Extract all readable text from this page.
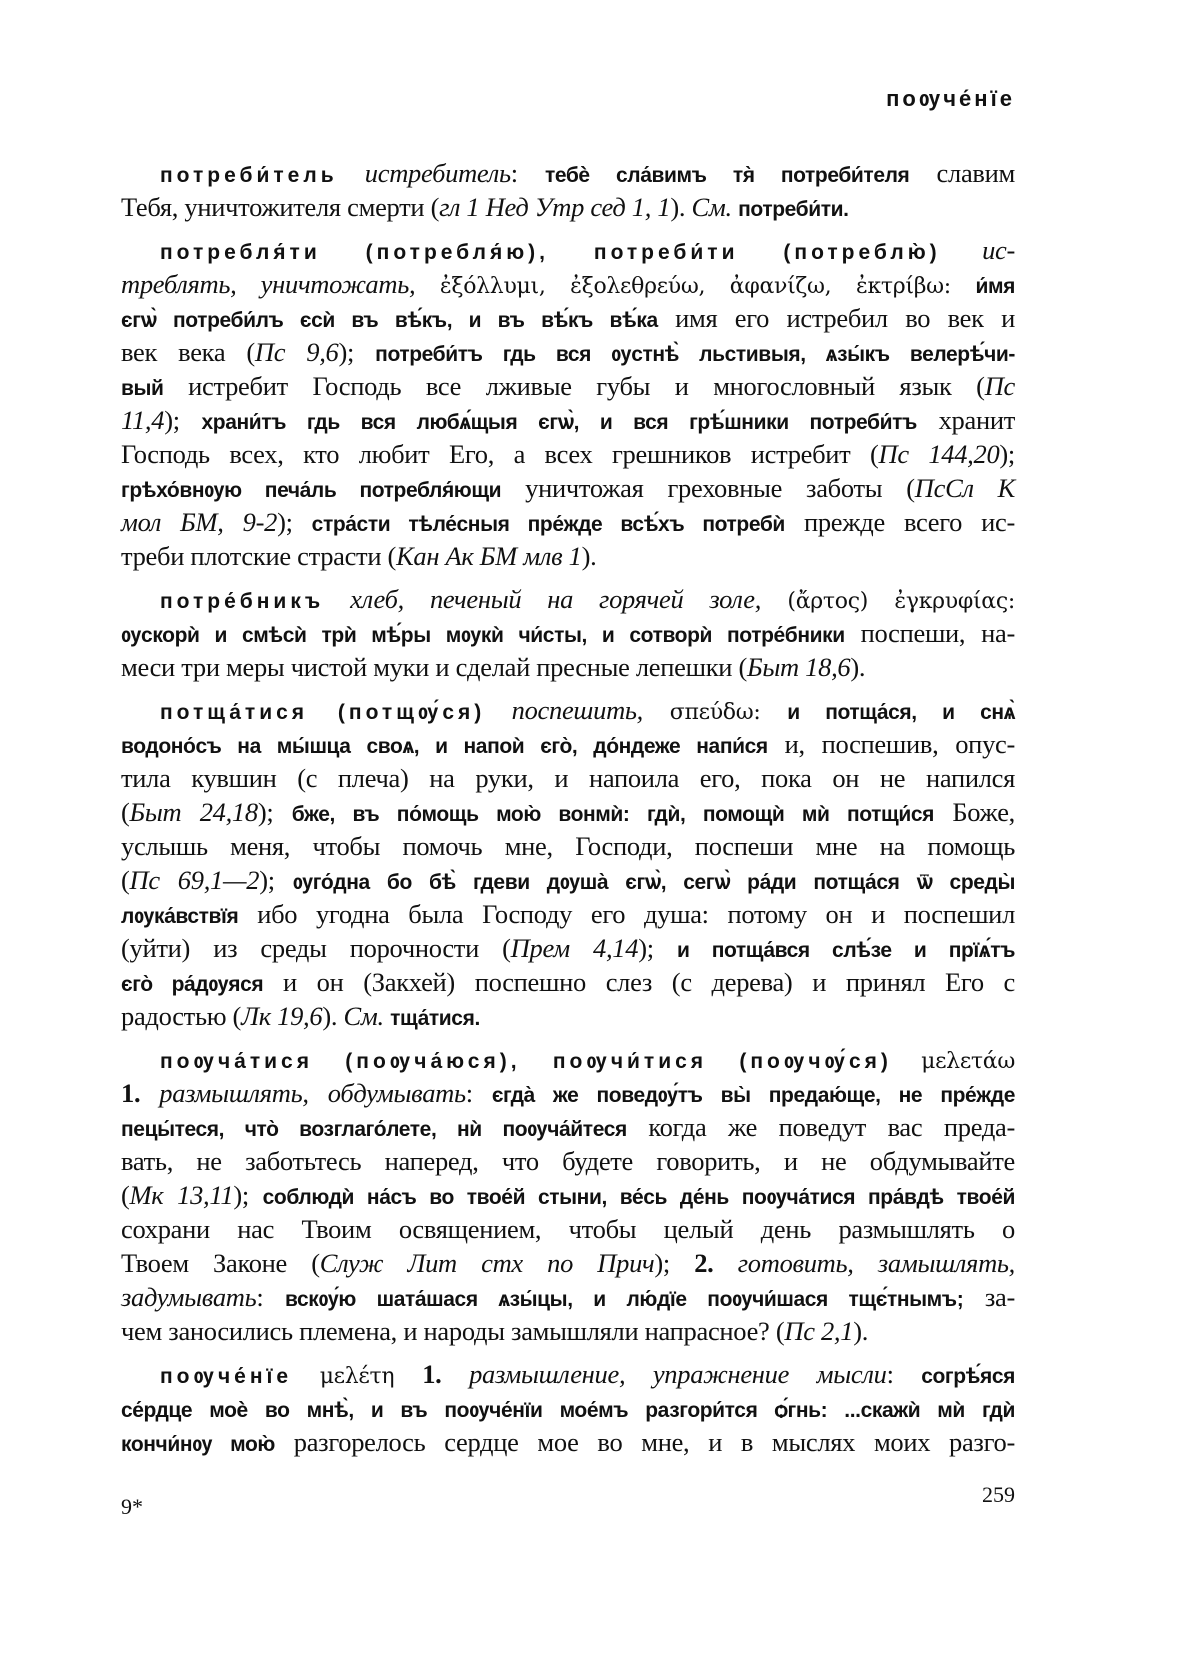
поѹче́нїе
потреби́тель истребитель: тебѐ сла́вимъ тя̀ потреби́теля славим
Тебя, уничтожителя смерти (гл 1 Нед Утр сед 1, 1). См. потреби́ти.
потребля́ти (потребля́ю), потреби́ти (потреблю̀) ис-
треблять, уничтожать, ἐξόλλυμι, ἐξολεθρεύω, ἀφανίζω, ἐκτρίβω: и́мя
єгѡ̀ потреби́лъ єсѝ въ вѣ́къ, и въ вѣ́къ вѣ́ка имя его истребил во век и
век века (Пс 9,6); потреби́тъ гдь вся ѹстнѣ̀ льстивыя, ѧзы́къ велерѣ́чи-
вый истребит Господь все лживые губы и многословный язык (Пс
11,4); храни́тъ гдь вся любѧ́щыя єгѡ̀, и вся грѣ́шники потреби́тъ хранит
Господь всех, кто любит Его, а всех грешников истребит (Пс 144,20);
грѣхо́внѹю печа́ль потребля́ющи уничтожая греховные заботы (ПсСл К
мол БМ, 9-2); стра́сти тѣле́сныя пре́жде всѣ́хъ потребѝ прежде всего ис-
треби плотские страсти (Кан Ак БМ млв 1).
потре́бникъ хлеб, печеный на горячей золе, (ἄρτος) ἐγκρυφίας:
ѹскорѝ и смѣсѝ трѝ мѣ́ры мѹкѝ чи́сты, и сотворѝ потре́бники поспеши, на-
меси три меры чистой муки и сделай пресные лепешки (Быт 18,6).
потща́тися (потщѹ́ся) поспешить, σπεύδω: и потща́ся, и снѧ̀
водоно́съ на мы́шца своѧ, и напоѝ єго̀, до́ндеже напи́ся и, поспешив, опус-
тила кувшин (с плеча) на руки, и напоила его, пока он не напился
(Быт 24,18); бже, въ по́мощь мою̀ вонмѝ: гдѝ, помощѝ мѝ потщи́ся Боже,
услышь меня, чтобы помочь мне, Господи, поспеши мне на помощь
(Пс 69,1—2); ѹго́дна бо бѣ̀ гдеви дѹша̀ єгѡ̀, сегѡ̀ ра́ди потща́ся ѿ среды̀
лѹка́вствїя ибо угодна была Господу его душа: потому он и поспешил
(уйти) из среды порочности (Прем 4,14); и потща́вся слѣ́зе и прїѧ́тъ
єго̀ ра́дѹяся и он (Закхей) поспешно слез (с дерева) и принял Его с
радостью (Лк 19,6). См. тща́тися.
поѹча́тися (поѹча́юся), поѹчи́тися (поѹчѹ́ся) μελετάω
1. размышлять, обдумывать: єгда̀ же поведѹ́тъ вы̀ предаю́ще, не пре́жде
пецы́теся, что̀ возглаго́лете, нѝ поѹча́йтеся когда же поведут вас преда-
вать, не заботьтесь наперед, что будете говорить, и не обдумывайте
(Мк 13,11); соблюдѝ на́съ во твое́й стыни, ве́сь де́нь поѹча́тися пра́вдѣ твое́й
сохрани нас Твоим освящением, чтобы целый день размышлять о
Твоем Законе (Служ Лит стх по Прич); 2. готовить, замышлять,
задумывать: вскѹ́ю шата́шася ѧзы́цы, и лю́дїе поѹчи́шася тщє́тнымъ; за-
чем заносились племена, и народы замышляли напрасное? (Пс 2,1).
поѹче́нїе μελέτη 1. размышление, упражнение мысли: согрѣ́яся
се́рдце моѐ во мнѣ̀, и въ поѹче́нїи мое́мъ разгори́тся ѻ́гнь: ...скажѝ мѝ гдѝ
кончи́нѹ мою̀ разгорелось сердце мое во мне, и в мыслях моих разго-
259
9*
